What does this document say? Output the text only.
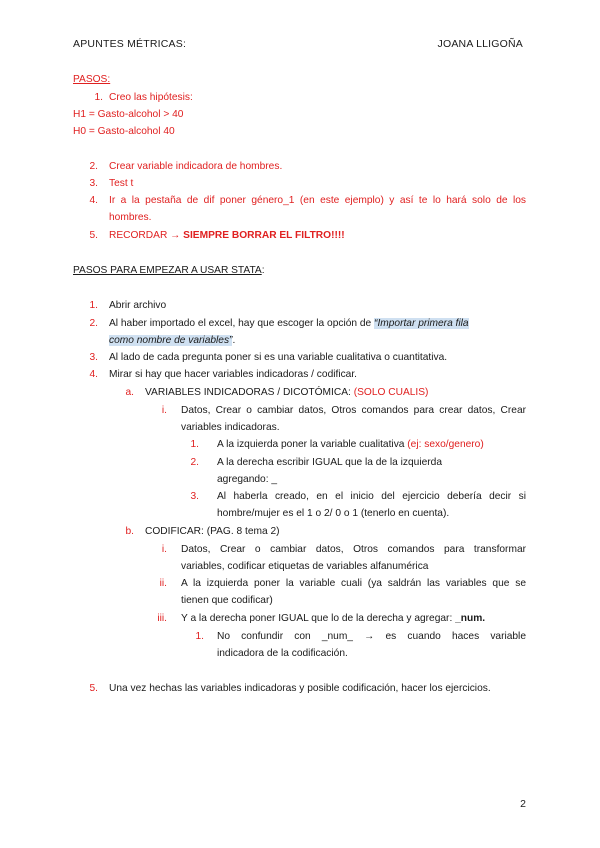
APUNTES MÉTRICAS:	JOANA LLIGOÑA
PASOS:
1. Creo las hipótesis:
H1 = Gasto-alcohol > 40
H0 = Gasto-alcohol 40
2. Crear variable indicadora de hombres.
3. Test t
4. Ir a la pestaña de dif poner género_1 (en este ejemplo) y así te lo hará solo de los
hombres.
5. RECORDAR → SIEMPRE BORRAR EL FILTRO!!!!
PASOS PARA EMPEZAR A USAR STATA:
1. Abrir archivo
2. Al haber importado el excel, hay que escoger la opción de “Importar primera fila
como nombre de variables”.
3. Al lado de cada pregunta poner si es una variable cualitativa o cuantitativa.
4. Mirar si hay que hacer variables indicadoras / codificar.
a. VARIABLES INDICADORAS / DICOTÓMICA: (SOLO CUALIS)
i. Datos, Crear o cambiar datos, Otros comandos para crear datos, Crear
variables indicadoras.
1. A la izquierda poner la variable cualitativa (ej: sexo/genero)
2. A la derecha escribir IGUAL que la de la izquierda
agregando: _
3. Al haberla creado, en el inicio del ejercicio debería decir si
hombre/mujer es el 1 o 2/ 0 o 1 (tenerlo en cuenta).
b. CODIFICAR: (PAG. 8 tema 2)
i. Datos, Crear o cambiar datos, Otros comandos para transformar
variables, codificar etiquetas de variables alfanumérica
ii. A la izquierda poner la variable cuali (ya saldrán las variables que se
tienen que codificar)
iii. Y a la derecha poner IGUAL que lo de la derecha y agregar: _num.
1. No confundir con _num_ → es cuando haces variable
indicadora de la codificación.
5. Una vez hechas las variables indicadoras y posible codificación, hacer los ejercicios.
2
